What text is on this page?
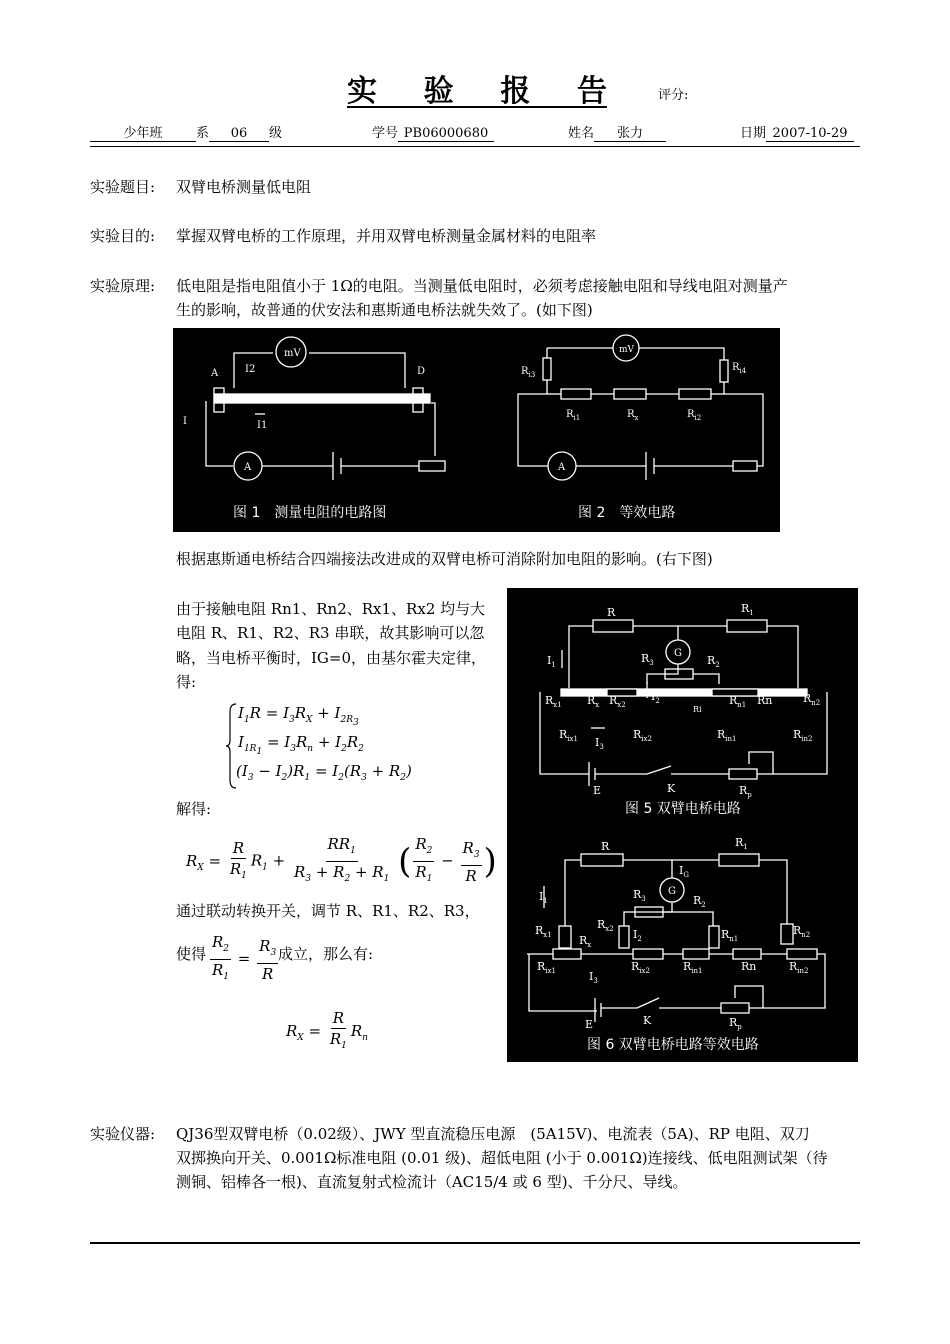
实 验 报 告	评分:
少年班	系 06 级	学号 PB06000680	姓名 张力	日期 2007-10-29
实验题目: 双臂电桥测量低电阻
实验目的: 掌握双臂电桥的工作原理，并用双臂电桥测量金属材料的电阻率
实验原理: 低电阻是指电阻值小于 1Ω的电阻。当测量低电阻时，必须考虑接触电阻和导线电阻对测量产
生的影响，故普通的伏安法和惠斯通电桥法就失效了。(如下图)
mV	mV
A	A
A	D
I2
I	I1
$R_{i3}$
$R_{i4}$
$R_{i1}$	$R_x$	$R_{i2}$
图 1　测量电阻的电路图	图 2　等效电路
根据惠斯通电桥结合四端接法改进成的双臂电桥可消除附加电阻的影响。(右下图)
由于接触电阻 Rn1、Rn2、Rx1、Rx2 均与大
电阻 R、R1、R2、R3 串联，故其影响可以忽
略，当电桥平衡时，IG=0，由基尔霍夫定律，
得:
$I_1R = I_3R_X + I_{2R_3}$
$I_{1R_1} = I_3R_n + I_2R_2$
$(I_3 - I_2)R_1 = I_2(R_3 + R_2)$
解得:
$R_X = \frac{R}{R_1} R_1 + \frac{RR_1}{R_3 + R_2 + R_1}$ ( $\frac{R_2}{R_1} - \frac{R_3}{R}$ )
通过联动转换开关，调节 R、R1、R2、R3，
使得 $\frac{R_2}{R_1} = \frac{R_3}{R}$ 成立，那么有:
$R_X = \frac{R}{R_1} R_n$
R	$R_1$
G
$R_3$	$R_2$
$I_1$
$I_2$
Ri
$R_{x1}$ $R_x$ $R_{x2}$	$R_{n1}$ Rn	$R_{n2}$
$R_{ix1}$ $I_3$
$R_{ix2}$	$R_{in1}$	$R_{in2}$
E	K	$R_p$
R	$R_1$
$I_G$
G
$R_3$	$R_2$
$I_1$
$R_{x1}$ $R_x$
$R_{x2}$ $I_2$	$R_{n1}$
$R_{n2}$
$R_{ix1}$	$I_3$
$R_{ix2}$	$R_{in1}$	Rn	$R_{in2}$
E	K	$R_p$
图 5 双臂电桥电路
图 6 双臂电桥电路等效电路
实验仪器: QJ36型双臂电桥（0.02级）、JWY 型直流稳压电源　(5A15V)、电流表（5A)、RP 电阻、双刀
双掷换向开关、0.001Ω标准电阻 (0.01 级)、超低电阻 (小于 0.001Ω)连接线、低电阻测试架（待
测铜、铝棒各一根)、直流复射式检流计（AC15/4 或 6 型)、千分尺、导线。
